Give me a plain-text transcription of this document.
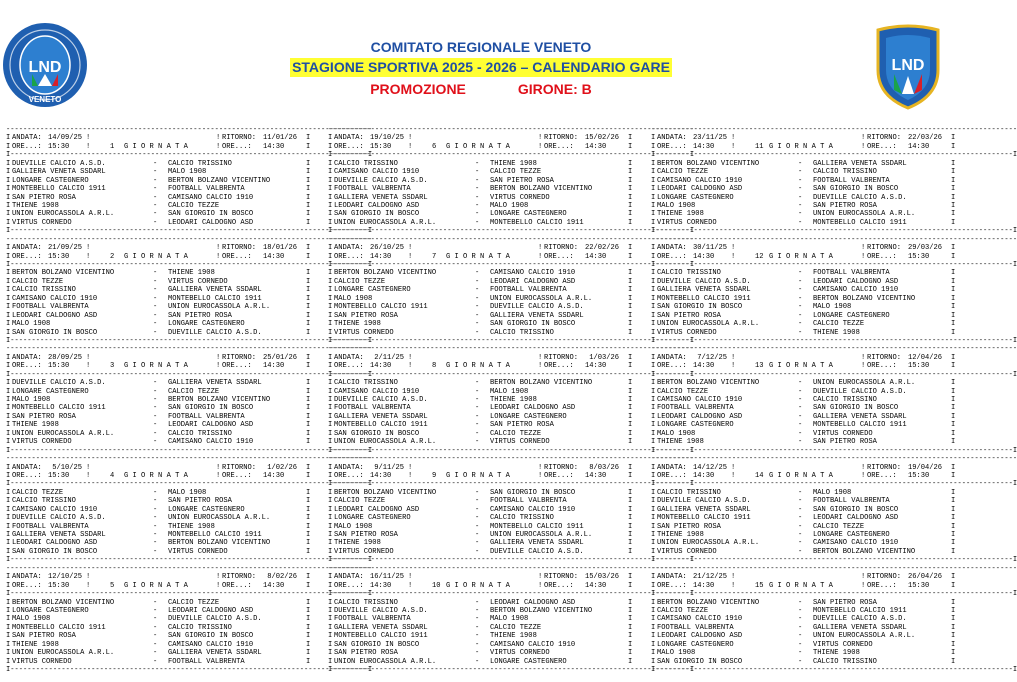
LND
VENETO
LND
COMITATO REGIONALE VENETO
STAGIONE SPORTIVA 2025 - 2026 – CALENDARIO GARE
PROMOZIONE	GIRONE: B
--------------------------------------------------------------------------------------
I ANDATA: 14/09/25 !	! RITORNO: 11/01/26 I
I ORE...: 15:30 !	1 G I O R N A T A	! ORE...: 14:30	I
I------------------------------------------------------------------------------------I
I DUEVILLE CALCIO A.S.D.	- CALCIO TRISSINO	I
I GALLIERA VENETA SSDARL	- MALO 1908	I
I LONGARE CASTEGNERO	- BERTON BOLZANO VICENTINO	I
I MONTEBELLO CALCIO 1911	- FOOTBALL VALBRENTA	I
I SAN PIETRO ROSA	- CAMISANO CALCIO 1910	I
I THIENE 1908	- CALCIO TEZZE	I
I UNION EUROCASSOLA A.R.L.	- SAN GIORGIO IN BOSCO	I
I VIRTUS CORNEDO	- LEODARI CALDOGNO ASD	I
I------------------------------------------------------------------------------------I
--------------------------------------------------------------------------------------
I ANDATA: 21/09/25 !	! RITORNO: 18/01/26 I
I ORE...: 15:30 !	2 G I O R N A T A	! ORE...: 14:30	I
I------------------------------------------------------------------------------------I
I BERTON BOLZANO VICENTINO	- THIENE 1908	I
I CALCIO TEZZE	- VIRTUS CORNEDO	I
I CALCIO TRISSINO	- GALLIERA VENETA SSDARL	I
I CAMISANO CALCIO 1910	- MONTEBELLO CALCIO 1911	I
I FOOTBALL VALBRENTA	- UNION EUROCASSOLA A.R.L.	I
I LEODARI CALDOGNO ASD	- SAN PIETRO ROSA	I
I MALO 1908	- LONGARE CASTEGNERO	I
I SAN GIORGIO IN BOSCO	- DUEVILLE CALCIO A.S.D.	I
I------------------------------------------------------------------------------------I
--------------------------------------------------------------------------------------
I ANDATA: 28/09/25 !	! RITORNO: 25/01/26 I
I ORE...: 15:30 !	3 G I O R N A T A	! ORE...: 14:30	I
I------------------------------------------------------------------------------------I
I DUEVILLE CALCIO A.S.D.	- GALLIERA VENETA SSDARL	I
I LONGARE CASTEGNERO	- CALCIO TEZZE	I
I MALO 1908	- BERTON BOLZANO VICENTINO	I
I MONTEBELLO CALCIO 1911	- SAN GIORGIO IN BOSCO	I
I SAN PIETRO ROSA	- FOOTBALL VALBRENTA	I
I THIENE 1908	- LEODARI CALDOGNO ASD	I
I UNION EUROCASSOLA A.R.L.	- CALCIO TRISSINO	I
I VIRTUS CORNEDO	- CAMISANO CALCIO 1910	I
I------------------------------------------------------------------------------------I
--------------------------------------------------------------------------------------
I ANDATA: 5/10/25 !	! RITORNO: 1/02/26 I
I ORE...: 15:30 !	4 G I O R N A T A	! ORE...: 14:30	I
I------------------------------------------------------------------------------------I
I CALCIO TEZZE	- MALO 1908	I
I CALCIO TRISSINO	- SAN PIETRO ROSA	I
I CAMISANO CALCIO 1910	- LONGARE CASTEGNERO	I
I DUEVILLE CALCIO A.S.D.	- UNION EUROCASSOLA A.R.L.	I
I FOOTBALL VALBRENTA	- THIENE 1908	I
I GALLIERA VENETA SSDARL	- MONTEBELLO CALCIO 1911	I
I LEODARI CALDOGNO ASD	- BERTON BOLZANO VICENTINO	I
I SAN GIORGIO IN BOSCO	- VIRTUS CORNEDO	I
I------------------------------------------------------------------------------------I
--------------------------------------------------------------------------------------
I ANDATA: 12/10/25 !	! RITORNO: 8/02/26 I
I ORE...: 15:30 !	5 G I O R N A T A	! ORE...: 14:30	I
I------------------------------------------------------------------------------------I
I BERTON BOLZANO VICENTINO	- CALCIO TEZZE	I
I LONGARE CASTEGNERO	- LEODARI CALDOGNO ASD	I
I MALO 1908	- DUEVILLE CALCIO A.S.D.	I
I MONTEBELLO CALCIO 1911	- CALCIO TRISSINO	I
I SAN PIETRO ROSA	- SAN GIORGIO IN BOSCO	I
I THIENE 1908	- CAMISANO CALCIO 1910	I
I UNION EUROCASSOLA A.R.L.	- GALLIERA VENETA SSDARL	I
I VIRTUS CORNEDO	- FOOTBALL VALBRENTA	I
I------------------------------------------------------------------------------------I
--------------------------------------------------------------------------------------
I ANDATA: 19/10/25 !	! RITORNO: 15/02/26 I
I ORE...: 15:30 !	6 G I O R N A T A	! ORE...: 14:30	I
I------------------------------------------------------------------------------------I
I CALCIO TRISSINO	- THIENE 1908	I
I CAMISANO CALCIO 1910	- CALCIO TEZZE	I
I DUEVILLE CALCIO A.S.D.	- SAN PIETRO ROSA	I
I FOOTBALL VALBRENTA	- BERTON BOLZANO VICENTINO	I
I GALLIERA VENETA SSDARL	- VIRTUS CORNEDO	I
I LEODARI CALDOGNO ASD	- MALO 1908	I
I SAN GIORGIO IN BOSCO	- LONGARE CASTEGNERO	I
I UNION EUROCASSOLA A.R.L.	- MONTEBELLO CALCIO 1911	I
I------------------------------------------------------------------------------------I
--------------------------------------------------------------------------------------
I ANDATA: 26/10/25 !	! RITORNO: 22/02/26 I
I ORE...: 14:30 !	7 G I O R N A T A	! ORE...: 14:30	I
I------------------------------------------------------------------------------------I
I BERTON BOLZANO VICENTINO	- CAMISANO CALCIO 1910	I
I CALCIO TEZZE	- LEODARI CALDOGNO ASD	I
I LONGARE CASTEGNERO	- FOOTBALL VALBRENTA	I
I MALO 1908	- UNION EUROCASSOLA A.R.L.	I
I MONTEBELLO CALCIO 1911	- DUEVILLE CALCIO A.S.D.	I
I SAN PIETRO ROSA	- GALLIERA VENETA SSDARL	I
I THIENE 1908	- SAN GIORGIO IN BOSCO	I
I VIRTUS CORNEDO	- CALCIO TRISSINO	I
I------------------------------------------------------------------------------------I
--------------------------------------------------------------------------------------
I ANDATA: 2/11/25 !	! RITORNO: 1/03/26 I
I ORE...: 14:30 !	8 G I O R N A T A	! ORE...: 14:30	I
I------------------------------------------------------------------------------------I
I CALCIO TRISSINO	- BERTON BOLZANO VICENTINO	I
I CAMISANO CALCIO 1910	- MALO 1908	I
I DUEVILLE CALCIO A.S.D.	- THIENE 1908	I
I FOOTBALL VALBRENTA	- LEODARI CALDOGNO ASD	I
I GALLIERA VENETA SSDARL	- LONGARE CASTEGNERO	I
I MONTEBELLO CALCIO 1911	- SAN PIETRO ROSA	I
I SAN GIORGIO IN BOSCO	- CALCIO TEZZE	I
I UNION EUROCASSOLA A.R.L.	- VIRTUS CORNEDO	I
I------------------------------------------------------------------------------------I
--------------------------------------------------------------------------------------
I ANDATA: 9/11/25 !	! RITORNO: 8/03/26 I
I ORE...: 14:30 !	9 G I O R N A T A	! ORE...: 14:30	I
I------------------------------------------------------------------------------------I
I BERTON BOLZANO VICENTINO	- SAN GIORGIO IN BOSCO	I
I CALCIO TEZZE	- FOOTBALL VALBRENTA	I
I LEODARI CALDOGNO ASD	- CAMISANO CALCIO 1910	I
I LONGARE CASTEGNERO	- CALCIO TRISSINO	I
I MALO 1908	- MONTEBELLO CALCIO 1911	I
I SAN PIETRO ROSA	- UNION EUROCASSOLA A.R.L.	I
I THIENE 1908	- GALLIERA VENETA SSDARL	I
I VIRTUS CORNEDO	- DUEVILLE CALCIO A.S.D.	I
I------------------------------------------------------------------------------------I
--------------------------------------------------------------------------------------
I ANDATA: 16/11/25 !	! RITORNO: 15/03/26 I
I ORE...: 14:30 !	10 G I O R N A T A	! ORE...: 14:30	I
I------------------------------------------------------------------------------------I
I CALCIO TRISSINO	- LEODARI CALDOGNO ASD	I
I DUEVILLE CALCIO A.S.D.	- BERTON BOLZANO VICENTINO	I
I FOOTBALL VALBRENTA	- MALO 1908	I
I GALLIERA VENETA SSDARL	- CALCIO TEZZE	I
I MONTEBELLO CALCIO 1911	- THIENE 1908	I
I SAN GIORGIO IN BOSCO	- CAMISANO CALCIO 1910	I
I SAN PIETRO ROSA	- VIRTUS CORNEDO	I
I UNION EUROCASSOLA A.R.L.	- LONGARE CASTEGNERO	I
I------------------------------------------------------------------------------------I
--------------------------------------------------------------------------------------
I ANDATA: 23/11/25 !	! RITORNO: 22/03/26 I
I ORE...: 14:30 !	11 G I O R N A T A	! ORE...: 14:30	I
I------------------------------------------------------------------------------------I
I BERTON BOLZANO VICENTINO	- GALLIERA VENETA SSDARL	I
I CALCIO TEZZE	- CALCIO TRISSINO	I
I CAMISANO CALCIO 1910	- FOOTBALL VALBRENTA	I
I LEODARI CALDOGNO ASD	- SAN GIORGIO IN BOSCO	I
I LONGARE CASTEGNERO	- DUEVILLE CALCIO A.S.D.	I
I MALO 1908	- SAN PIETRO ROSA	I
I THIENE 1908	- UNION EUROCASSOLA A.R.L.	I
I VIRTUS CORNEDO	- MONTEBELLO CALCIO 1911	I
I------------------------------------------------------------------------------------I
--------------------------------------------------------------------------------------
I ANDATA: 30/11/25 !	! RITORNO: 29/03/26 I
I ORE...: 14:30 !	12 G I O R N A T A	! ORE...: 15:30	I
I------------------------------------------------------------------------------------I
I CALCIO TRISSINO	- FOOTBALL VALBRENTA	I
I DUEVILLE CALCIO A.S.D.	- LEODARI CALDOGNO ASD	I
I GALLIERA VENETA SSDARL	- CAMISANO CALCIO 1910	I
I MONTEBELLO CALCIO 1911	- BERTON BOLZANO VICENTINO	I
I SAN GIORGIO IN BOSCO	- MALO 1908	I
I SAN PIETRO ROSA	- LONGARE CASTEGNERO	I
I UNION EUROCASSOLA A.R.L.	- CALCIO TEZZE	I
I VIRTUS CORNEDO	- THIENE 1908	I
I------------------------------------------------------------------------------------I
--------------------------------------------------------------------------------------
I ANDATA: 7/12/25 !	! RITORNO: 12/04/26 I
I ORE...: 14:30 !	13 G I O R N A T A	! ORE...: 15:30	I
I------------------------------------------------------------------------------------I
I BERTON BOLZANO VICENTINO	- UNION EUROCASSOLA A.R.L.	I
I CALCIO TEZZE	- DUEVILLE CALCIO A.S.D.	I
I CAMISANO CALCIO 1910	- CALCIO TRISSINO	I
I FOOTBALL VALBRENTA	- SAN GIORGIO IN BOSCO	I
I LEODARI CALDOGNO ASD	- GALLIERA VENETA SSDARL	I
I LONGARE CASTEGNERO	- MONTEBELLO CALCIO 1911	I
I MALO 1908	- VIRTUS CORNEDO	I
I THIENE 1908	- SAN PIETRO ROSA	I
I------------------------------------------------------------------------------------I
--------------------------------------------------------------------------------------
I ANDATA: 14/12/25 !	! RITORNO: 19/04/26 I
I ORE...: 14:30 !	14 G I O R N A T A	! ORE...: 15:30	I
I------------------------------------------------------------------------------------I
I CALCIO TRISSINO	- MALO 1908	I
I DUEVILLE CALCIO A.S.D.	- FOOTBALL VALBRENTA	I
I GALLIERA VENETA SSDARL	- SAN GIORGIO IN BOSCO	I
I MONTEBELLO CALCIO 1911	- LEODARI CALDOGNO ASD	I
I SAN PIETRO ROSA	- CALCIO TEZZE	I
I THIENE 1908	- LONGARE CASTEGNERO	I
I UNION EUROCASSOLA A.R.L.	- CAMISANO CALCIO 1910	I
I VIRTUS CORNEDO	- BERTON BOLZANO VICENTINO	I
I------------------------------------------------------------------------------------I
--------------------------------------------------------------------------------------
I ANDATA: 21/12/25 !	! RITORNO: 26/04/26 I
I ORE...: 14:30 !	15 G I O R N A T A	! ORE...: 15:30	I
I------------------------------------------------------------------------------------I
I BERTON BOLZANO VICENTINO	- SAN PIETRO ROSA	I
I CALCIO TEZZE	- MONTEBELLO CALCIO 1911	I
I CAMISANO CALCIO 1910	- DUEVILLE CALCIO A.S.D.	I
I FOOTBALL VALBRENTA	- GALLIERA VENETA SSDARL	I
I LEODARI CALDOGNO ASD	- UNION EUROCASSOLA A.R.L.	I
I LONGARE CASTEGNERO	- VIRTUS CORNEDO	I
I MALO 1908	- THIENE 1908	I
I SAN GIORGIO IN BOSCO	- CALCIO TRISSINO	I
I------------------------------------------------------------------------------------I
